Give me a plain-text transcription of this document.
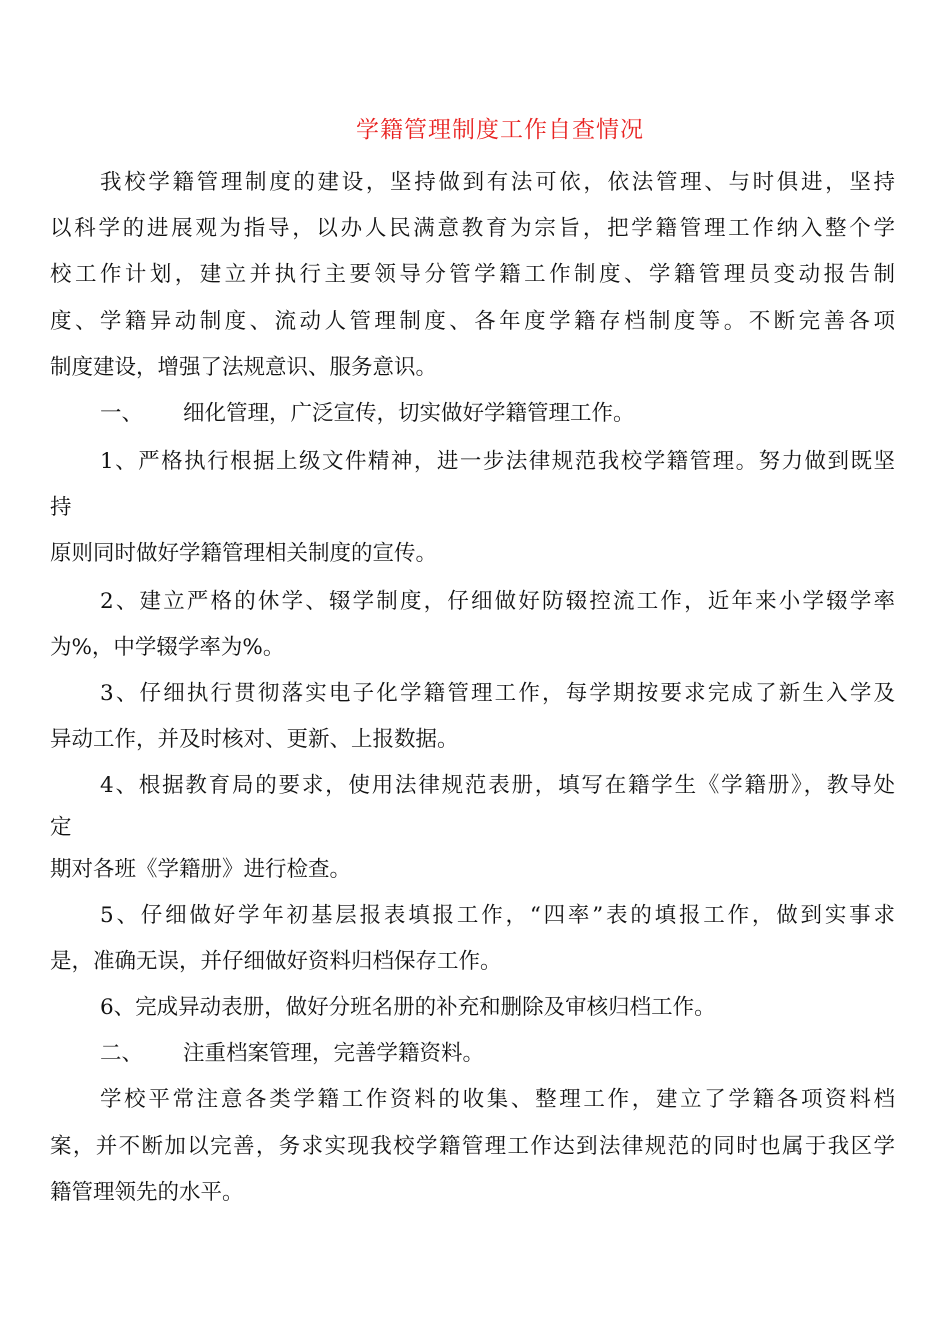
学籍管理制度工作自查情况
我校学籍管理制度的建设，坚持做到有法可依，依法管理、与时俱进，坚持
以科学的进展观为指导，以办人民满意教育为宗旨，把学籍管理工作纳入整个学
校工作计划，建立并执行主要领导分管学籍工作制度、学籍管理员变动报告制
度、学籍异动制度、流动人管理制度、各年度学籍存档制度等。不断完善各项
制度建设，增强了法规意识、服务意识。
一、 细化管理，广泛宣传，切实做好学籍管理工作。
1、严格执行根据上级文件精神，进一步法律规范我校学籍管理。努力做到既坚
持
原则同时做好学籍管理相关制度的宣传。
2、建立严格的休学、辍学制度，仔细做好防辍控流工作，近年来小学辍学率
为%，中学辍学率为%。
3、仔细执行贯彻落实电子化学籍管理工作，每学期按要求完成了新生入学及
异动工作，并及时核对、更新、上报数据。
4、根据教育局的要求，使用法律规范表册，填写在籍学生《学籍册》，教导处
定
期对各班《学籍册》进行检查。
5、仔细做好学年初基层报表填报工作，“四率”表的填报工作，做到实事求
是，准确无误，并仔细做好资料归档保存工作。
6、完成异动表册，做好分班名册的补充和删除及审核归档工作。
二、 注重档案管理，完善学籍资料。
学校平常注意各类学籍工作资料的收集、整理工作，建立了学籍各项资料档
案，并不断加以完善，务求实现我校学籍管理工作达到法律规范的同时也属于我区学
籍管理领先的水平。
